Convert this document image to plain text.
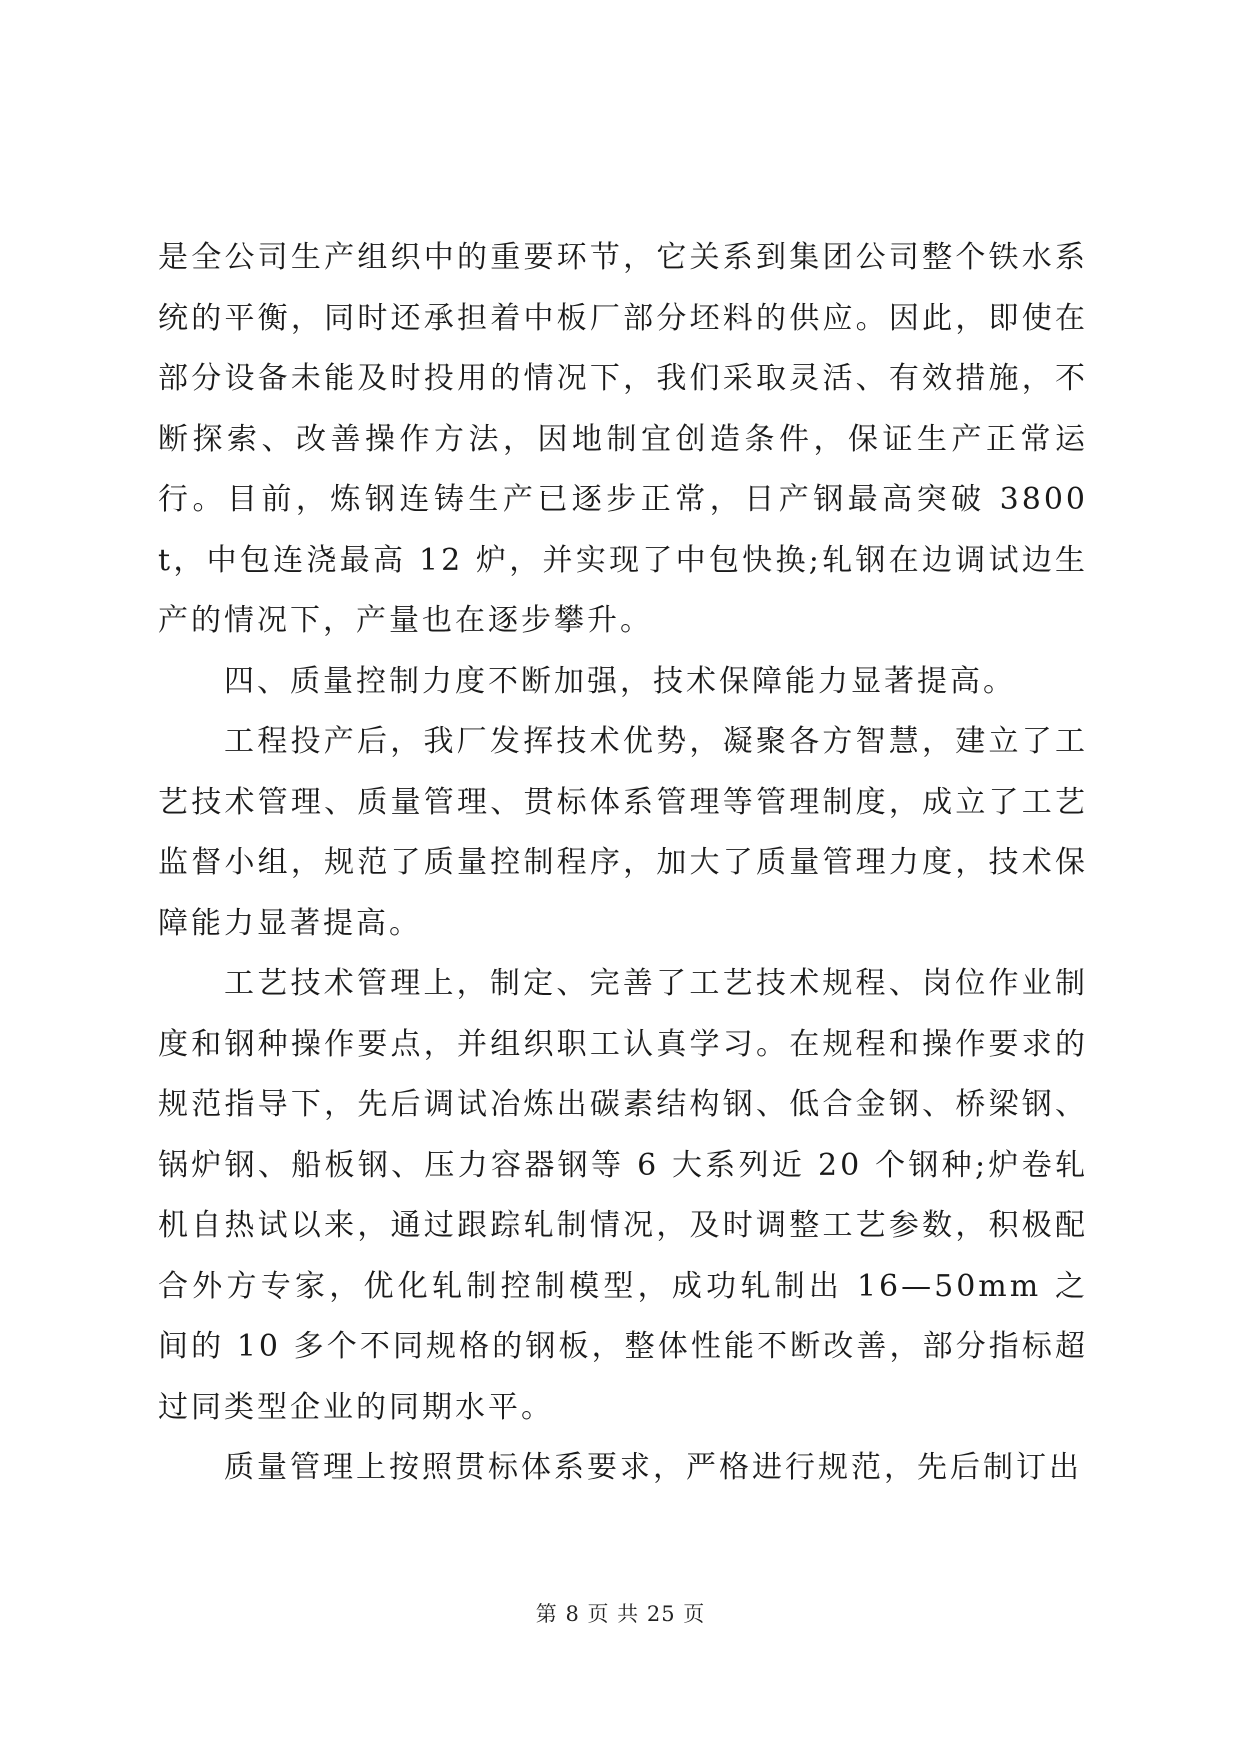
是全公司生产组织中的重要环节，它关系到集团公司整个铁水系统的平衡，同时还承担着中板厂部分坯料的供应。因此，即使在部分设备未能及时投用的情况下，我们采取灵活、有效措施，不断探索、改善操作方法，因地制宜创造条件，保证生产正常运行。目前，炼钢连铸生产已逐步正常，日产钢最高突破 3800t，中包连浇最高 12 炉，并实现了中包快换;轧钢在边调试边生产的情况下，产量也在逐步攀升。

四、质量控制力度不断加强，技术保障能力显著提高。

工程投产后，我厂发挥技术优势，凝聚各方智慧，建立了工艺技术管理、质量管理、贯标体系管理等管理制度，成立了工艺监督小组，规范了质量控制程序，加大了质量管理力度，技术保障能力显著提高。

工艺技术管理上，制定、完善了工艺技术规程、岗位作业制度和钢种操作要点，并组织职工认真学习。在规程和操作要求的规范指导下，先后调试冶炼出碳素结构钢、低合金钢、桥梁钢、锅炉钢、船板钢、压力容器钢等 6 大系列近 20 个钢种;炉卷轧机自热试以来，通过跟踪轧制情况，及时调整工艺参数，积极配合外方专家，优化轧制控制模型，成功轧制出 16—50mm 之间的 10 多个不同规格的钢板，整体性能不断改善，部分指标超过同类型企业的同期水平。

质量管理上按照贯标体系要求，严格进行规范，先后制订出

第 8 页 共 25 页
